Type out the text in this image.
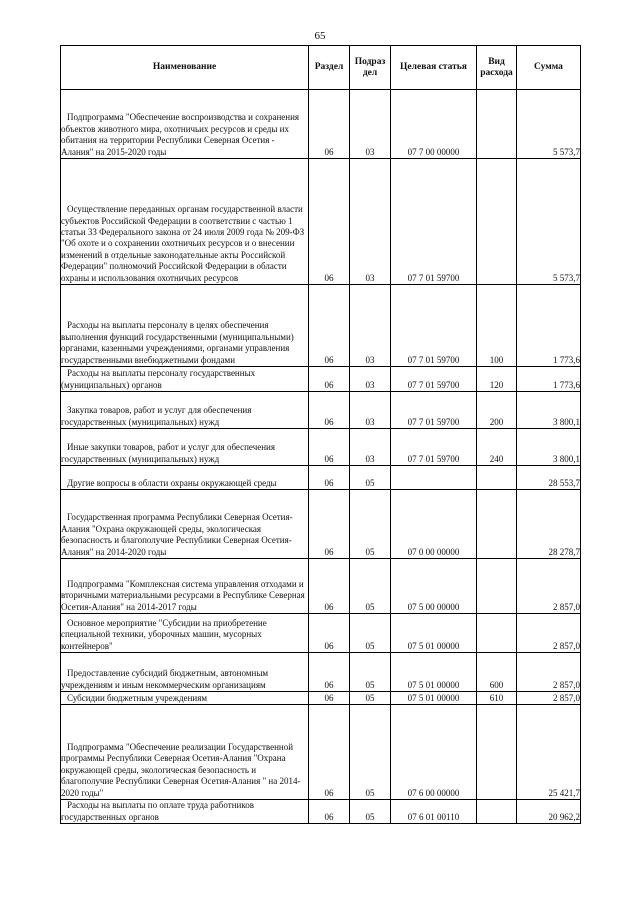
65
Наименование	Раздел	Подраз дел	Целевая статья	Вид расхода	Сумма

Подпрограмма "Обеспечение воспроизводства и сохранения объектов животного мира, охотничьих ресурсов и среды их обитания на территории Республики Северная Осетия - Алания" на 2015-2020 годы	06	03	07 7 00 00000		5 573,7

Осуществление переданных органам государственной власти субъектов Российской Федерации в соответствии с частью 1 статьи 33 Федерального закона от 24 июля 2009 года № 209-ФЗ "Об охоте и о сохранении охотничьих ресурсов и о внесении изменений в отдельные законодательные акты Российской Федерации" полномочий Российской Федерации в области охраны и использования охотничьих ресурсов	06	03	07 7 01 59700		5 573,7

Расходы на выплаты персоналу в целях обеспечения выполнения функций государственными (муниципальными) органами, казенными учреждениями, органами управления государственными внебюджетными фондами	06	03	07 7 01 59700	100	1 773,6

Расходы на выплаты персоналу государственных (муниципальных) органов	06	03	07 7 01 59700	120	1 773,6

Закупка товаров, работ и услуг для обеспечения государственных (муниципальных) нужд	06	03	07 7 01 59700	200	3 800,1

Иные закупки товаров, работ и услуг для обеспечения государственных (муниципальных) нужд	06	03	07 7 01 59700	240	3 800,1

Другие вопросы в области охраны окружающей среды	06	05			28 553,7

Государственная программа Республики Северная Осетия-Алания "Охрана окружающей среды, экологическая безопасность и благополучие Республики Северная Осетия-Алания" на 2014-2020 годы	06	05	07 0 00 00000		28 278,7

Подпрограмма "Комплексная система управления отходами и вторичными материальными ресурсами в Республике Северная Осетия-Алания" на 2014-2017 годы	06	05	07 5 00 00000		2 857,0

Основное мероприятие "Субсидии на приобретение специальной техники, уборочных машин, мусорных контейнеров"	06	05	07 5 01 00000		2 857,0

Предоставление субсидий бюджетным, автономным учреждениям и иным некоммерческим организациям	06	05	07 5 01 00000	600	2 857,0

Субсидии бюджетным учреждениям	06	05	07 5 01 00000	610	2 857,0

Подпрограмма "Обеспечение реализации Государственной программы Республики Северная Осетия-Алания "Охрана окружающей среды, экологическая безопасность и благополучие Республики Северная Осетия-Алания " на 2014-2020 годы"	06	05	07 6 00 00000		25 421,7

Расходы на выплаты по оплате труда работников государственных органов	06	05	07 6 01 00110		20 962,2
